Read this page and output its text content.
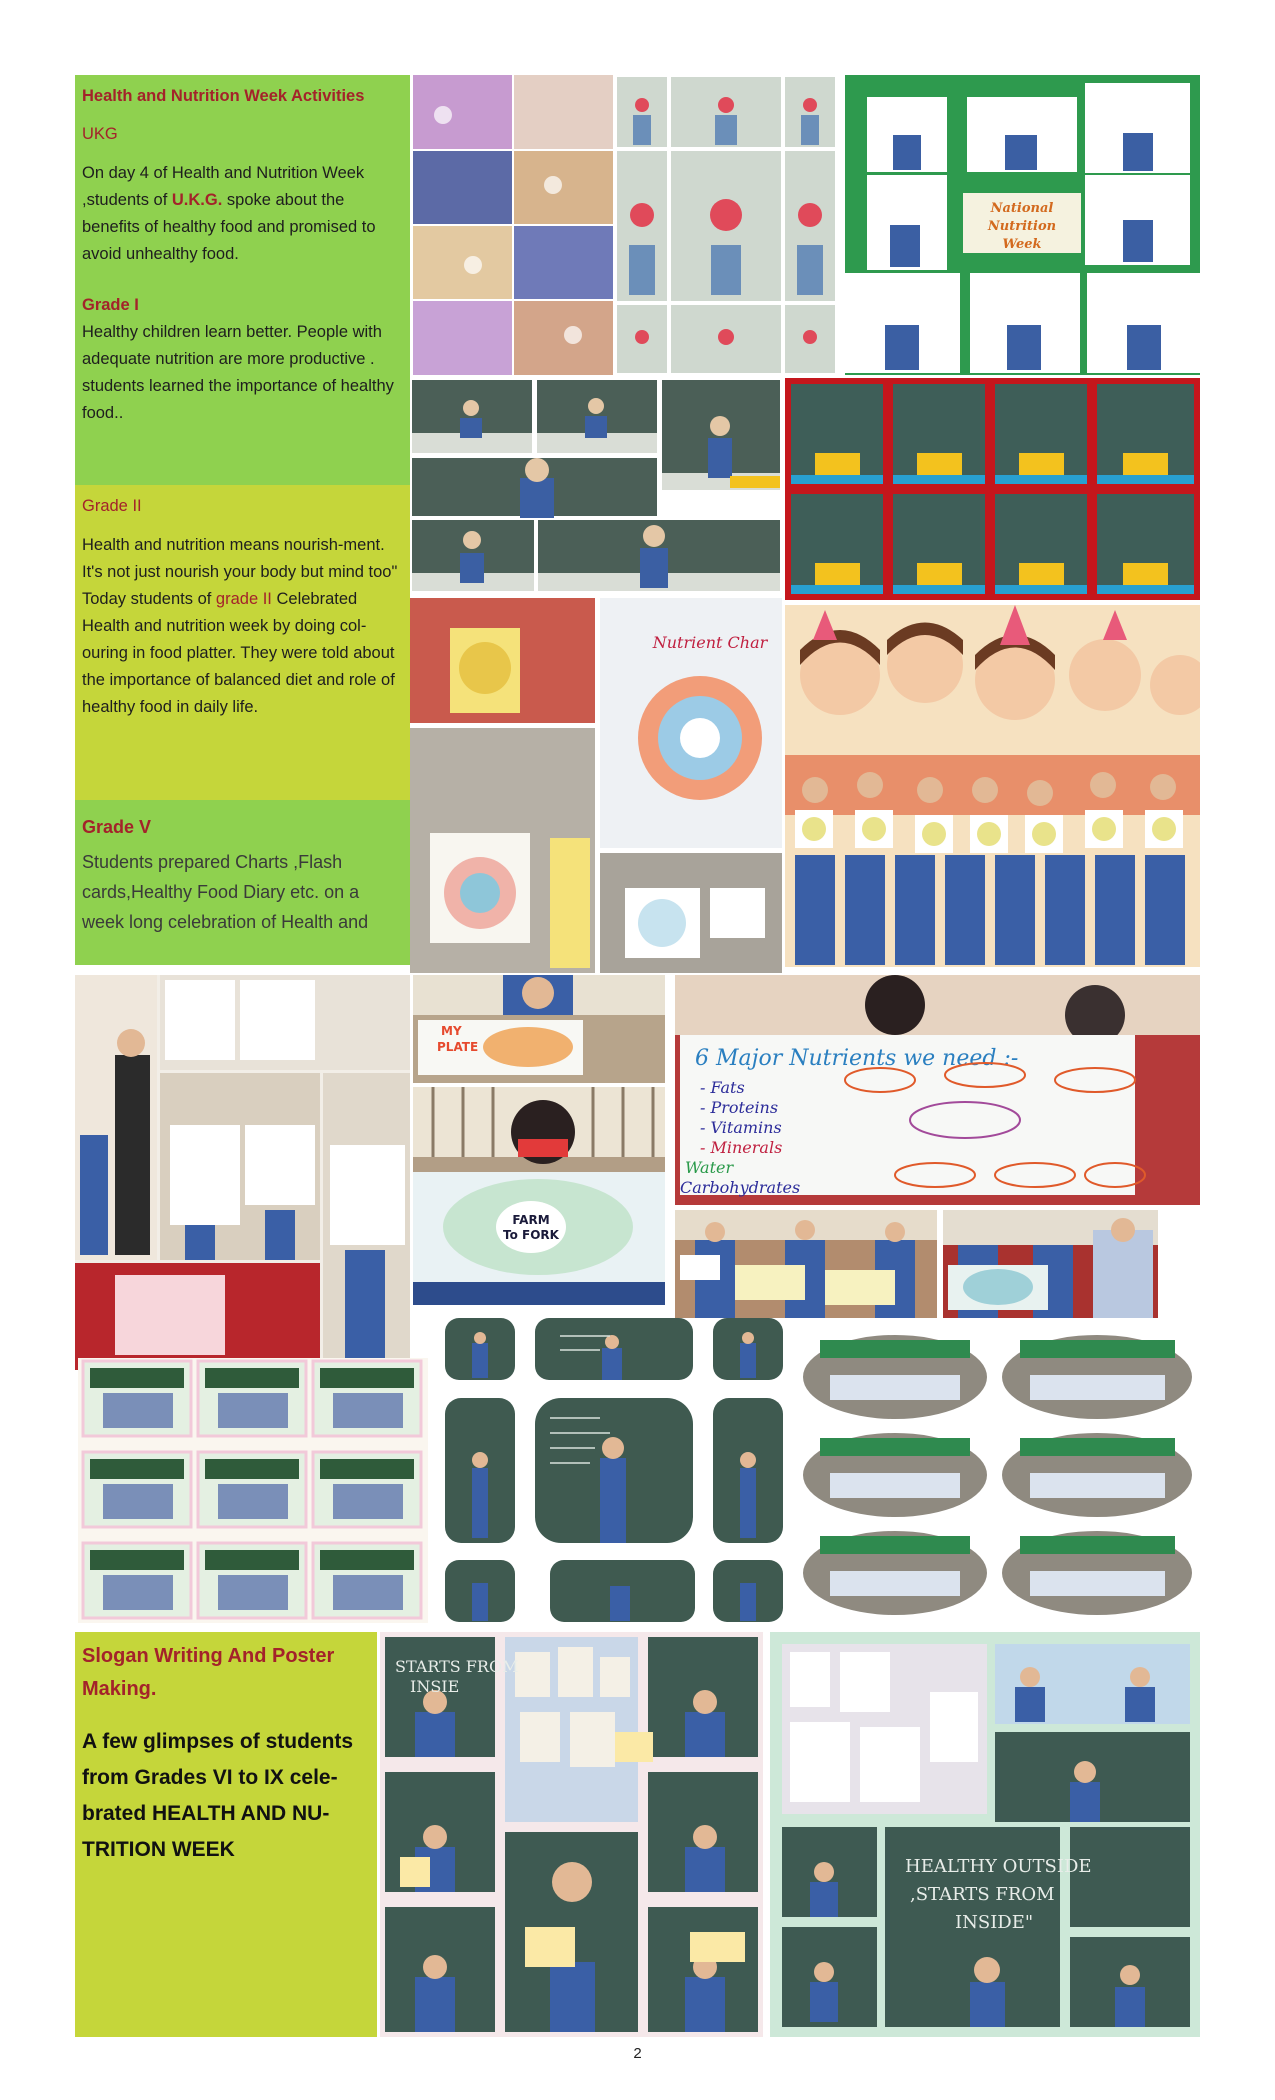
Health and Nutrition Week Activities
UKG
On day 4 of Health and Nutrition Week ,students of U.K.G. spoke about the benefits of healthy food and promised to avoid unhealthy food.
Grade I
Healthy children learn better. People with adequate nutrition are more productive . students learned the importance of healthy food..
Grade II
Health and nutrition means nourish-ment. It's not just nourish your body but mind too"
Today students of grade II Celebrated Health and nutrition week by doing col-ouring in food platter. They were told about the importance of balanced diet and role of healthy food in daily life.
Grade V
Students prepared Charts ,Flash cards,Healthy Food Diary etc. on a week long celebration of Health and
National
Nutrition
Week
Nutrient Char
MY
PLATE
FARM
To FORK
6 Major Nutrients we need :-
- Fats
- Proteins
- Vitamins
- Minerals
Water
Carbohydrates
Slogan Writing And Poster Making.
A few glimpses of students from Grades VI to IX cele-brated HEALTH AND NU-TRITION WEEK
STARTS FROM
INSIE
HEALTHY OUTSIDE
,STARTS FROM
INSIDE"
2
